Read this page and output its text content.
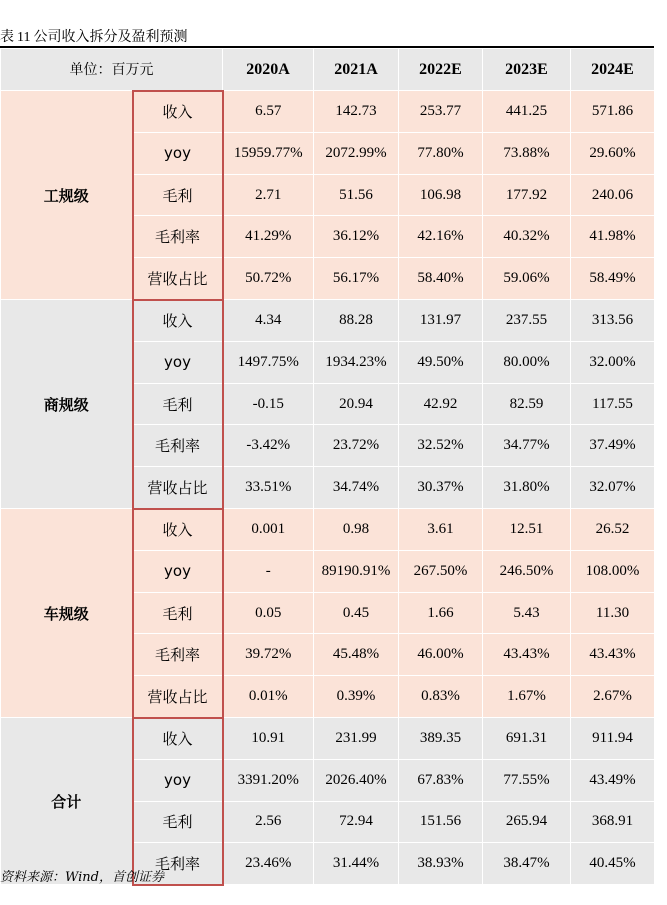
表 11 公司收入拆分及盈利预测
单位：百万元		2020A	2021A	2022E	2023E	2024E
工规级	收入	6.57	142.73	253.77	441.25	571.86
	yoy	15959.77%	2072.99%	77.80%	73.88%	29.60%
	毛利	2.71	51.56	106.98	177.92	240.06
	毛利率	41.29%	36.12%	42.16%	40.32%	41.98%
	营收占比	50.72%	56.17%	58.40%	59.06%	58.49%
商规级	收入	4.34	88.28	131.97	237.55	313.56
	yoy	1497.75%	1934.23%	49.50%	80.00%	32.00%
	毛利	-0.15	20.94	42.92	82.59	117.55
	毛利率	-3.42%	23.72%	32.52%	34.77%	37.49%
	营收占比	33.51%	34.74%	30.37%	31.80%	32.07%
车规级	收入	0.001	0.98	3.61	12.51	26.52
	yoy	-	89190.91%	267.50%	246.50%	108.00%
	毛利	0.05	0.45	1.66	5.43	11.30
	毛利率	39.72%	45.48%	46.00%	43.43%	43.43%
	营收占比	0.01%	0.39%	0.83%	1.67%	2.67%
合计	收入	10.91	231.99	389.35	691.31	911.94
	yoy	3391.20%	2026.40%	67.83%	77.55%	43.49%
	毛利	2.56	72.94	151.56	265.94	368.91
	毛利率	23.46%	31.44%	38.93%	38.47%	40.45%
资料来源：Wind，首创证券
